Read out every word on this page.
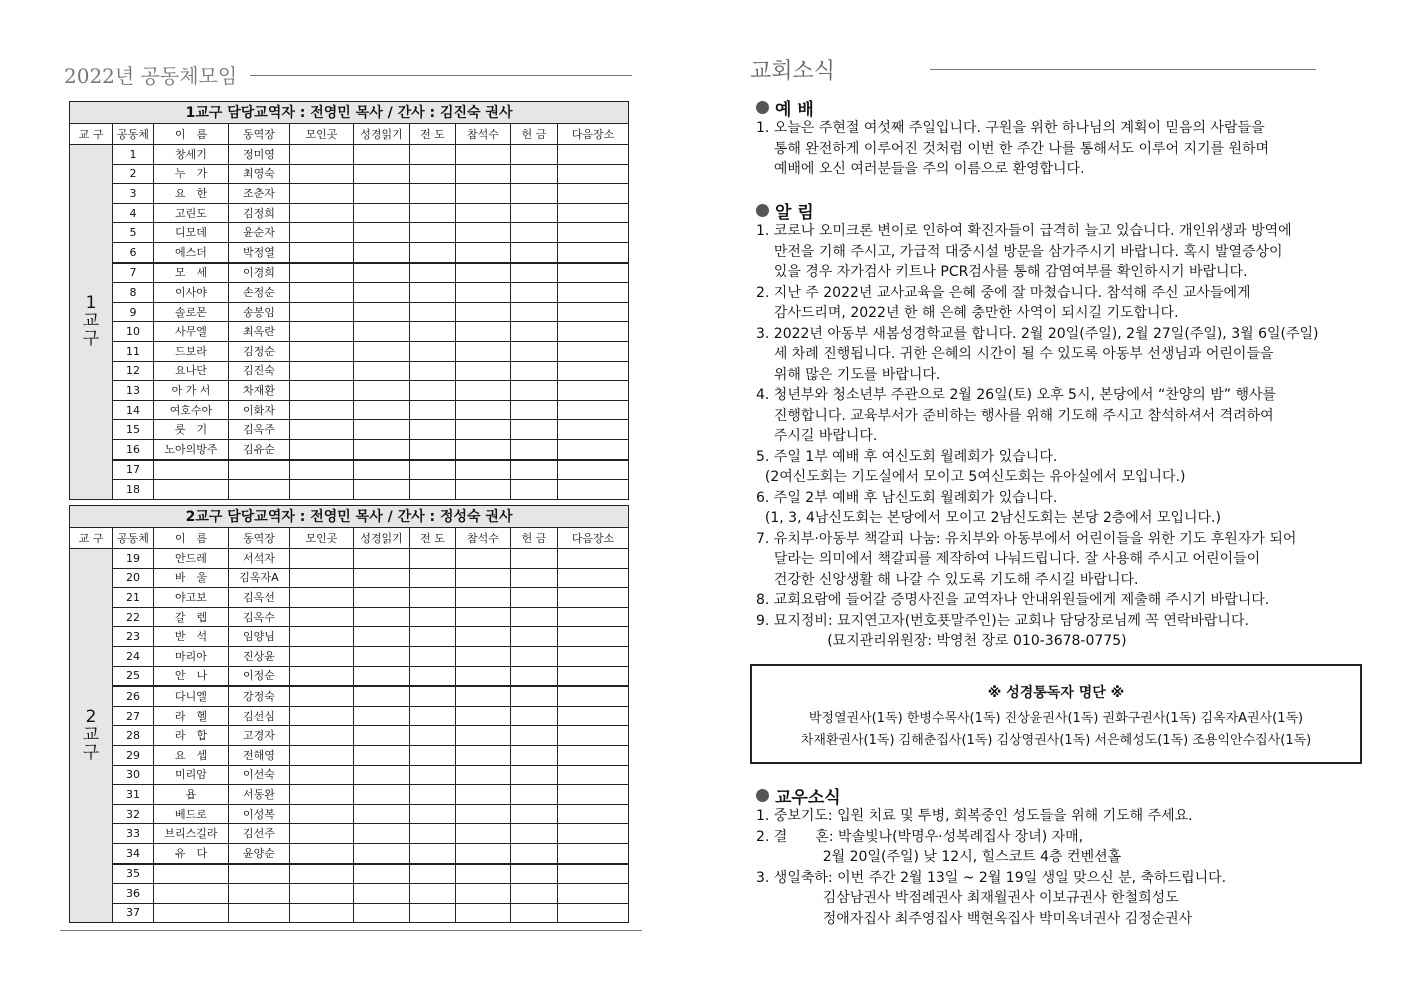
2022년 공동체모임
1교구 담당교역자 : 전영민 목사 / 간사 : 김진숙 권사									
교 구	공동체	이　름	동역장	모인곳	성경읽기	전 도	참석수	헌 금	다음장소
1
교
구	1	창세기	정미영						
	2	누　가	최영숙						
	3	요　한	조춘자						
	4	고린도	김정희						
	5	디모데	윤순자						
	6	에스더	박정열						
	7	모　세	이경희						
	8	이사야	손정순						
	9	솔로몬	송봉임						
	10	사무엘	최옥란						
	11	드보라	김정순						
	12	요나단	김진숙						
	13	아 가 서	차재환						
	14	여호수아	이화자						
	15	룻　기	김옥주						
	16	노아의방주	김유순						
	17								
	18								
2교구 담당교역자 : 전영민 목사 / 간사 : 정성숙 권사									
교 구	공동체	이　름	동역장	모인곳	성경읽기	전 도	참석수	헌 금	다음장소
2
교
구	19	안드레	서석자						
	20	바　울	김옥자A						
	21	야고보	김옥선						
	22	갈　렙	김옥수						
	23	반　석	임양님						
	24	마리아	진상윤						
	25	안　나	이정순						
	26	다니엘	강정숙						
	27	라　헬	김선심						
	28	라　합	고경자						
	29	요　셉	전해영						
	30	미리암	이선숙						
	31	욥	서동완						
	32	베드로	이성복						
	33	브리스길라	김선주						
	34	유　다	윤양순						
	35								
	36								
	37								
교회소식
예 배
1. 오늘은 주현절 여섯째 주일입니다. 구원을 위한 하나님의 계획이 믿음의 사람들을
통해 완전하게 이루어진 것처럼 이번 한 주간 나를 통해서도 이루어 지기를 원하며
예배에 오신 여러분들을 주의 이름으로 환영합니다.
알 림
1. 코로나 오미크론 변이로 인하여 확진자들이 급격히 늘고 있습니다. 개인위생과 방역에
만전을 기해 주시고, 가급적 대중시설 방문을 삼가주시기 바랍니다. 혹시 발열증상이
있을 경우 자가검사 키트나 PCR검사를 통해 감염여부를 확인하시기 바랍니다.
2. 지난 주 2022년 교사교육을 은혜 중에 잘 마쳤습니다. 참석해 주신 교사들에게
감사드리며, 2022년 한 해 은혜 충만한 사역이 되시길 기도합니다.
3. 2022년 아동부 새봄성경학교를 합니다. 2월 20일(주일), 2월 27일(주일), 3월 6일(주일)
세 차례 진행됩니다. 귀한 은혜의 시간이 될 수 있도록 아동부 선생님과 어린이들을
위해 많은 기도를 바랍니다.
4. 청년부와 청소년부 주관으로 2월 26일(토) 오후 5시, 본당에서 “찬양의 밤” 행사를
진행합니다. 교육부서가 준비하는 행사를 위해 기도해 주시고 참석하셔서 격려하여
주시길 바랍니다.
5. 주일 1부 예배 후 여신도회 월례회가 있습니다.
(2여신도회는 기도실에서 모이고 5여신도회는 유아실에서 모입니다.)
6. 주일 2부 예배 후 남신도회 월례회가 있습니다.
(1, 3, 4남신도회는 본당에서 모이고 2남신도회는 본당 2층에서 모입니다.)
7. 유치부·아동부 책갈피 나눔: 유치부와 아동부에서 어린이들을 위한 기도 후원자가 되어
달라는 의미에서 책갈피를 제작하여 나눠드립니다. 잘 사용해 주시고 어린이들이
건강한 신앙생활 해 나갈 수 있도록 기도해 주시길 바랍니다.
8. 교회요람에 들어갈 증명사진을 교역자나 안내위원들에게 제출해 주시기 바랍니다.
9. 묘지정비: 묘지연고자(번호푯말주인)는 교회나 담당장로님께 꼭 연락바랍니다.
(묘지관리위원장: 박영천 장로 010-3678-0775)
※ 성경통독자 명단 ※
박정열권사(1독) 한병수목사(1독) 진상윤권사(1독) 권화구권사(1독) 김옥자A권사(1독)
차재환권사(1독) 김해춘집사(1독) 김상영권사(1독) 서은혜성도(1독) 조용익안수집사(1독)
교우소식
1. 중보기도: 입원 치료 및 투병, 회복중인 성도들을 위해 기도해 주세요.
2. 결　　혼: 박솔빛나(박명우·성복례집사 장녀) 자매,
2월 20일(주일) 낮 12시, 힐스코트 4층 컨벤션홀
3. 생일축하: 이번 주간 2월 13일 ~ 2월 19일 생일 맞으신 분, 축하드립니다.
김삼남권사 박점례권사 최재월권사 이보규권사 한철희성도
정애자집사 최주영집사 백현옥집사 박미옥녀권사 김정순권사
